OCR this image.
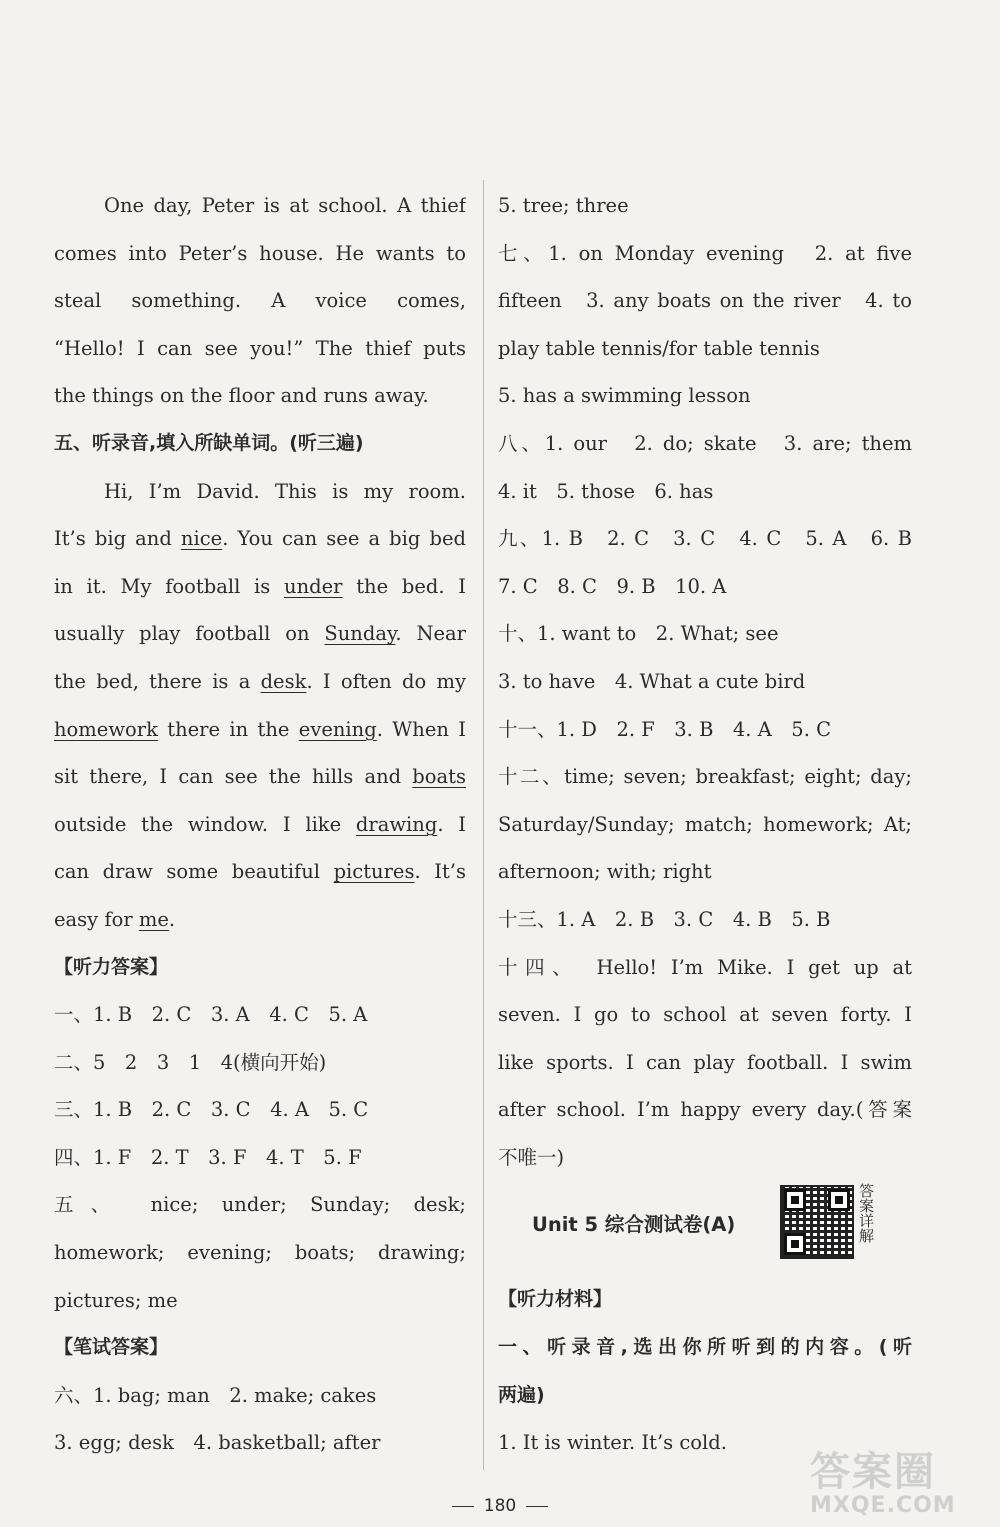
One day, Peter is at school. A thief
comes into Peter’s house. He wants to
steal something. A voice comes,
“Hello! I can see you!” The thief puts
the things on the floor and runs away.
五、听录音,填入所缺单词。(听三遍)
Hi, I’m David. This is my room.
It’s big and nice. You can see a big bed
in it. My football is under the bed. I
usually play football on Sunday. Near
the bed, there is a desk. I often do my
homework there in the evening. When I
sit there, I can see the hills and boats
outside the window. I like drawing. I
can draw some beautiful pictures. It’s
easy for me.
【听力答案】
一、1. B　2. C　3. A　4. C　5. A
二、5　2　3　1　4(横向开始)
三、1. B　2. C　3. C　4. A　5. C
四、1. F　2. T　3. F　4. T　5. F
五、 nice; under; Sunday; desk;
homework; evening; boats; drawing;
pictures; me
【笔试答案】
六、1. bag; man　2. make; cakes
3. egg; desk　4. basketball; after
5. tree; three
七、1. on Monday evening　2. at five
fifteen　3. any boats on the river　4. to
play table tennis/for table tennis
5. has a swimming lesson
八、1. our　2. do; skate　3. are; them
4. it　5. those　6. has
九、1. B　2. C　3. C　4. C　5. A　6. B
7. C　8. C　9. B　10. A
十、1. want to　2. What; see
3. to have　4. What a cute bird
十一、1. D　2. F　3. B　4. A　5. C
十二、time; seven; breakfast; eight; day;
Saturday/Sunday; match; homework; At;
afternoon; with; right
十三、1. A　2. B　3. C　4. B　5. B
十四、　Hello! I’m Mike. I get up at
seven. I go to school at seven forty. I
like sports. I can play football. I swim
after school. I’m happy every day.(答案
不唯一)
Unit 5 综合测试卷(A)	答案详解
【听力材料】
一、听录音,选出你所听到的内容。(听
两遍)
1. It is winter. It’s cold.
180
答案圈
MXQE.COM
